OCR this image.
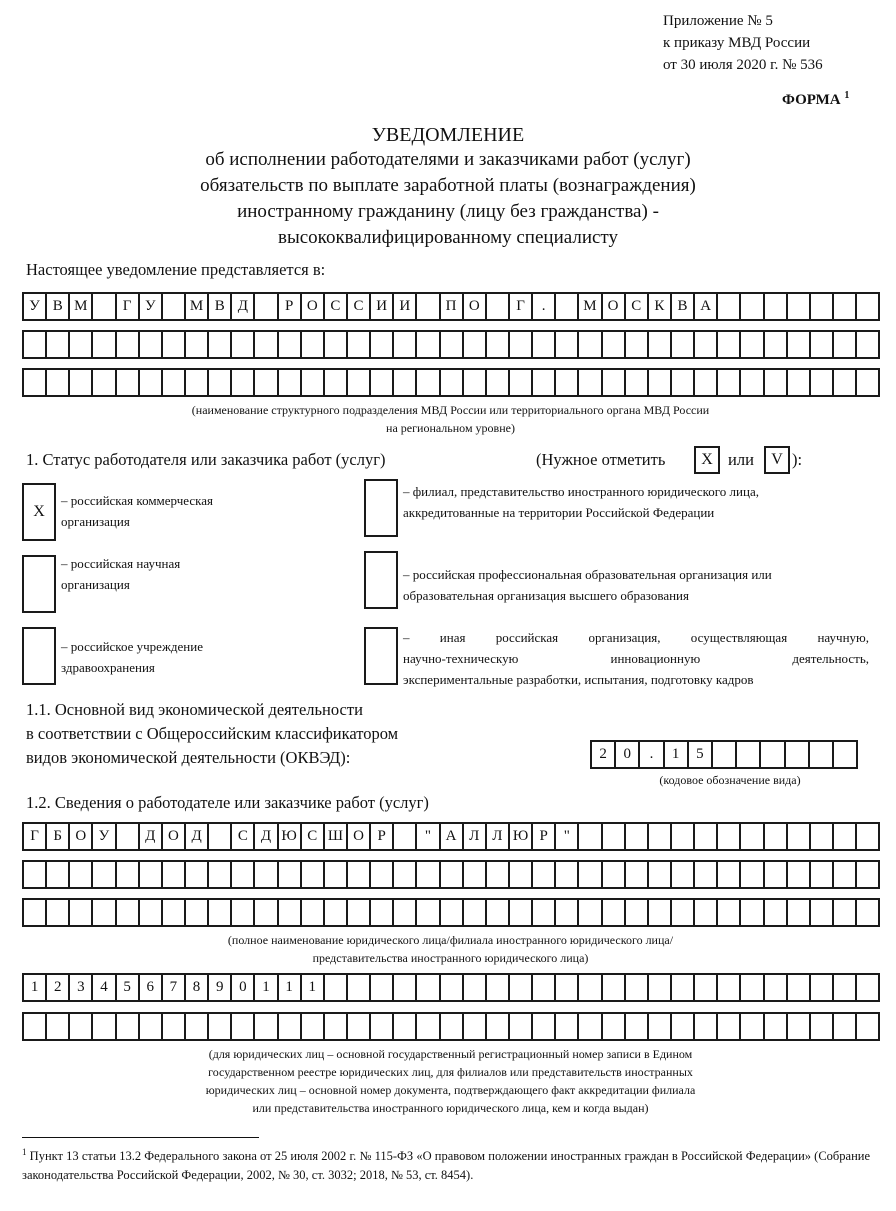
Приложение № 5
к приказу МВД России
от 30 июля 2020 г. № 536
ФОРМА $^1$
УВЕДОМЛЕНИЕ
об исполнении работодателями и заказчиками работ (услуг)
обязательств по выплате заработной платы (вознаграждения)
иностранному гражданину (лицу без гражданства) -
высококвалифицированному специалисту
Настоящее уведомление представляется в:
У В М	Г У	М В Д	Р О С С И И	П О	Г	.	М О С К В А
(наименование структурного подразделения МВД России или территориального органа МВД России
на региональном уровне)
1. Статус работодателя или заказчика работ (услуг)	(Нужное отметить	X или	V ):
X
– российская коммерческая
организация
– российская научная
организация
– российское учреждение
здравоохранения
– филиал, представительство иностранного юридического лица,
аккредитованные на территории Российской Федерации
– российская профессиональная образовательная организация или
образовательная организация высшего образования
– иная российская организация, осуществляющая научную,
научно-техническую инновационную деятельность,
экспериментальные разработки, испытания, подготовку кадров
1.1. Основной вид экономической деятельности
в соответствии с Общероссийским классификатором
видов экономической деятельности (ОКВЭД):	2	0	.	1	5
(кодовое обозначение вида)
1.2. Сведения о работодателе или заказчике работ (услуг)
Г Б О У	Д О Д	С Д Ю С Ш О Р	" А Л Л Ю Р	"
(полное наименование юридического лица/филиала иностранного юридического лица/
представительства иностранного юридического лица)
1	2	3	4	5	6	7	8	9	0	1	1	1
(для юридических лиц – основной государственный регистрационный номер записи в Едином
государственном реестре юридических лиц, для филиалов или представительств иностранных
юридических лиц – основной номер документа, подтверждающего факт аккредитации филиала
или представительства иностранного юридического лица, кем и когда выдан)
$^1$ Пункт 13 статьи 13.2 Федерального закона от 25 июля 2002 г. № 115-ФЗ «О правовом положении иностранных граждан в Российской Федерации» (Собрание законодательства Российской Федерации, 2002, № 30, ст. 3032; 2018, № 53, ст. 8454).
